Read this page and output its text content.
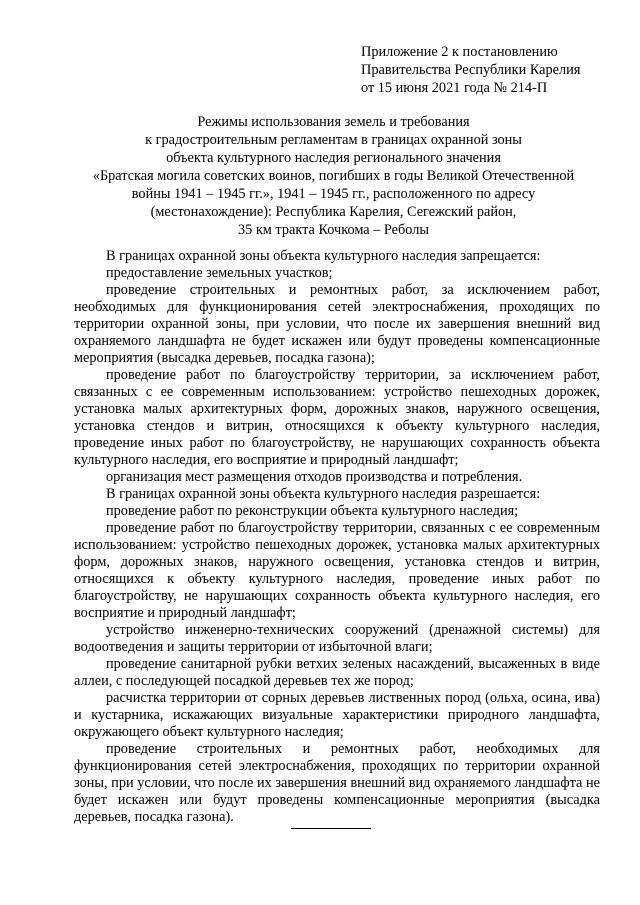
Приложение 2 к постановлению
Правительства Республики Карелия
от 15 июня 2021 года № 214-П
Режимы использования земель и требования
к градостроительным регламентам в границах охранной зоны
объекта культурного наследия регионального значения
«Братская могила советских воинов, погибших в годы Великой Отечественной
войны 1941 – 1945 гг.», 1941 – 1945 гг., расположенного по адресу
(местонахождение): Республика Карелия, Сегежский район,
35 км тракта Кочкома – Реболы

В границах охранной зоны объекта культурного наследия запрещается:

предоставление земельных участков;

проведение строительных и ремонтных работ, за исключением работ, необходимых для функционирования сетей электроснабжения, проходящих по территории охранной зоны, при условии, что после их завершения внешний вид охраняемого ландшафта не будет искажен или будут проведены компенсационные мероприятия (высадка деревьев, посадка газона);

проведение работ по благоустройству территории, за исключением работ, связанных с ее современным использованием: устройство пешеходных дорожек, установка малых архитектурных форм, дорожных знаков, наружного освещения, установка стендов и витрин, относящихся к объекту культурного наследия, проведение иных работ по благоустройству, не нарушающих сохранность объекта культурного наследия, его восприятие и природный ландшафт;

организация мест размещения отходов производства и потребления.

В границах охранной зоны объекта культурного наследия разрешается:

проведение работ по реконструкции объекта культурного наследия;

проведение работ по благоустройству территории, связанных с ее современным использованием: устройство пешеходных дорожек, установка малых архитектурных форм, дорожных знаков, наружного освещения, установка стендов и витрин, относящихся к объекту культурного наследия, проведение иных работ по благоустройству, не нарушающих сохранность объекта культурного наследия, его восприятие и природный ландшафт;

устройство инженерно-технических сооружений (дренажной системы) для водоотведения и защиты территории от избыточной влаги;

проведение санитарной рубки ветхих зеленых насаждений, высаженных в виде аллеи, с последующей посадкой деревьев тех же пород;

расчистка территории от сорных деревьев лиственных пород (ольха, осина, ива) и кустарника, искажающих визуальные характеристики природного ландшафта, окружающего объект культурного наследия;

проведение строительных и ремонтных работ, необходимых для функционирования сетей электроснабжения, проходящих по территории охранной зоны, при условии, что после их завершения внешний вид охраняемого ландшафта не будет искажен или будут проведены компенсационные мероприятия (высадка деревьев, посадка газона).
